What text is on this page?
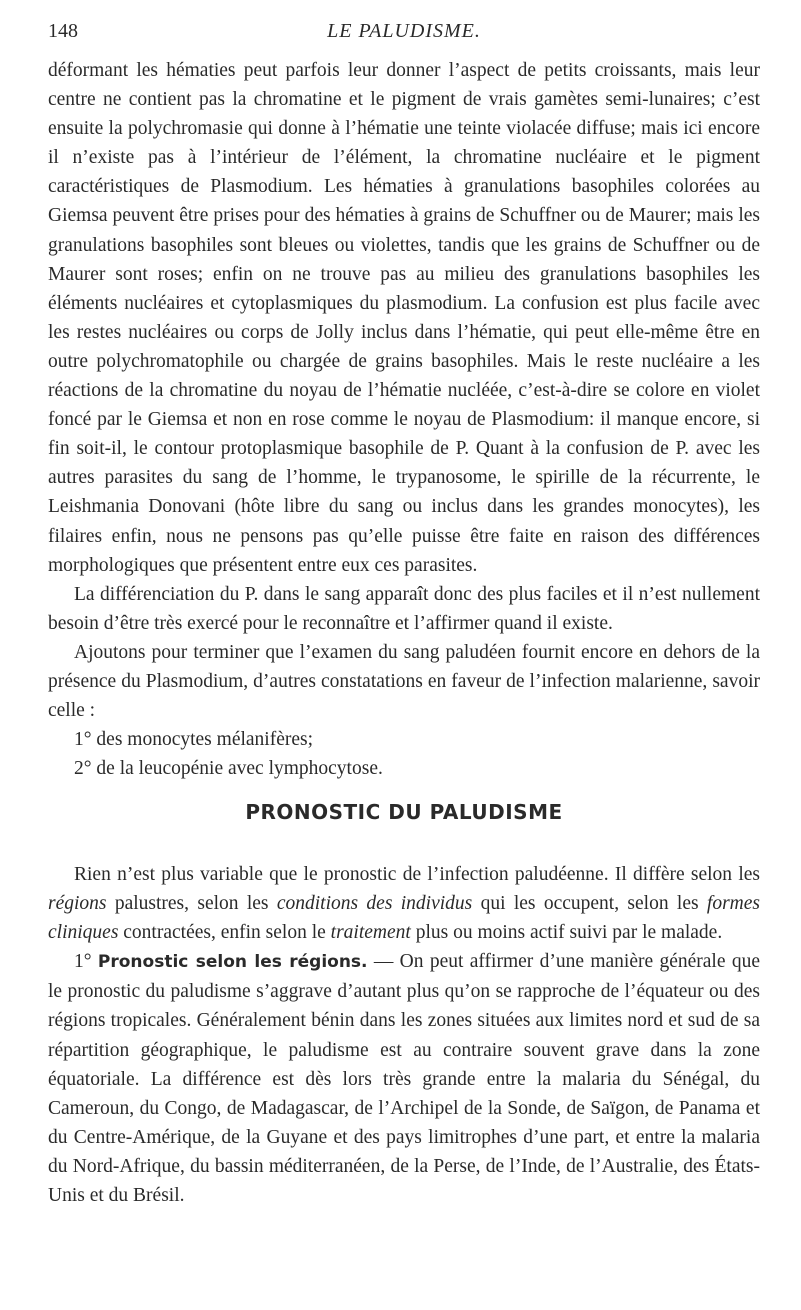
148	LE PALUDISME.

déformant les hématies peut parfois leur donner l’aspect de petits croissants, mais leur centre ne contient pas la chromatine et le pigment de vrais gamètes semi-lunaires; c’est ensuite la polychromasie qui donne à l’hématie une teinte violacée diffuse; mais ici encore il n’existe pas à l’intérieur de l’élément, la chromatine nucléaire et le pigment caractéristiques de Plasmodium. Les hématies à granulations basophiles colorées au Giemsa peuvent être prises pour des hématies à grains de Schuffner ou de Maurer; mais les granulations basophiles sont bleues ou violettes, tandis que les grains de Schuffner ou de Maurer sont roses; enfin on ne trouve pas au milieu des granulations basophiles les éléments nucléaires et cytoplasmiques du plasmodium. La confusion est plus facile avec les restes nucléaires ou corps de Jolly inclus dans l’hématie, qui peut elle-même être en outre polychromatophile ou chargée de grains basophiles. Mais le reste nucléaire a les réactions de la chromatine du noyau de l’hématie nucléée, c’est-à-dire se colore en violet foncé par le Giemsa et non en rose comme le noyau de Plasmodium: il manque encore, si fin soit-il, le contour protoplasmique basophile de P. Quant à la confusion de P. avec les autres parasites du sang de l’homme, le trypanosome, le spirille de la récurrente, le Leishmania Donovani (hôte libre du sang ou inclus dans les grandes monocytes), les filaires enfin, nous ne pensons pas qu’elle puisse être faite en raison des différences morphologiques que présentent entre eux ces parasites.

La différenciation du P. dans le sang apparaît donc des plus faciles et il n’est nullement besoin d’être très exercé pour le reconnaître et l’affirmer quand il existe.

Ajoutons pour terminer que l’examen du sang paludéen fournit encore en dehors de la présence du Plasmodium, d’autres constatations en faveur de l’infection malarienne, savoir celle :

1° des monocytes mélanifères;

2° de la leucopénie avec lymphocytose.

PRONOSTIC DU PALUDISME

Rien n’est plus variable que le pronostic de l’infection paludéenne. Il diffère selon les régions palustres, selon les conditions des individus qui les occupent, selon les formes cliniques contractées, enfin selon le traitement plus ou moins actif suivi par le malade.

1° Pronostic selon les régions. — On peut affirmer d’une manière générale que le pronostic du paludisme s’aggrave d’autant plus qu’on se rapproche de l’équateur ou des régions tropicales. Généralement bénin dans les zones situées aux limites nord et sud de sa répartition géographique, le paludisme est au contraire souvent grave dans la zone équatoriale. La différence est dès lors très grande entre la malaria du Sénégal, du Cameroun, du Congo, de Madagascar, de l’Archipel de la Sonde, de Saïgon, de Panama et du Centre-Amérique, de la Guyane et des pays limitrophes d’une part, et entre la malaria du Nord-Afrique, du bassin méditerranéen, de la Perse, de l’Inde, de l’Australie, des États-Unis et du Brésil.
